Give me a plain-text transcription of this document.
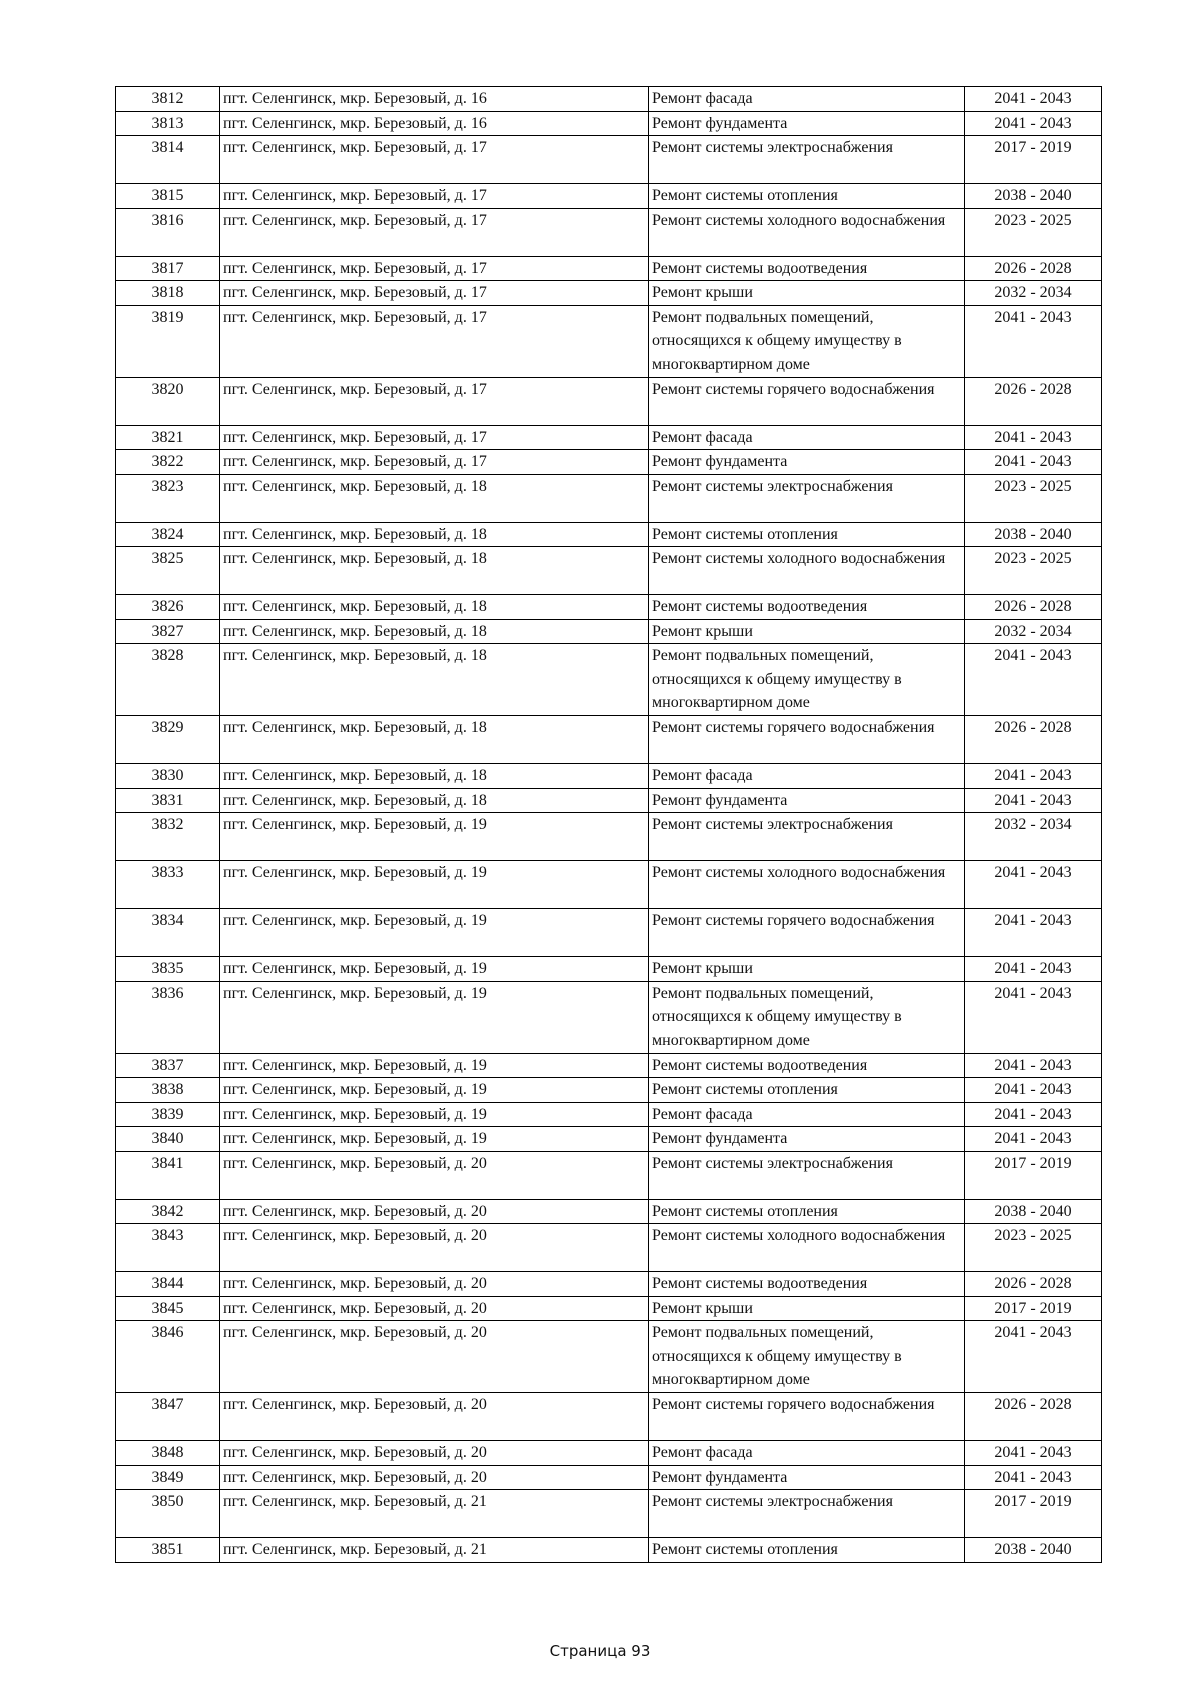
3812	пгт. Селенгинск, мкр. Березовый, д. 16	Ремонт фасада	2041 - 2043
3813	пгт. Селенгинск, мкр. Березовый, д. 16	Ремонт фундамента	2041 - 2043
3814	пгт. Селенгинск, мкр. Березовый, д. 17	Ремонт системы электроснабжения	2017 - 2019
3815	пгт. Селенгинск, мкр. Березовый, д. 17	Ремонт системы отопления	2038 - 2040
3816	пгт. Селенгинск, мкр. Березовый, д. 17	Ремонт системы холодного водоснабжения	2023 - 2025
3817	пгт. Селенгинск, мкр. Березовый, д. 17	Ремонт системы водоотведения	2026 - 2028
3818	пгт. Селенгинск, мкр. Березовый, д. 17	Ремонт крыши	2032 - 2034
3819	пгт. Селенгинск, мкр. Березовый, д. 17	Ремонт подвальных помещений, относящихся к общему имуществу в многоквартирном доме	2041 - 2043
3820	пгт. Селенгинск, мкр. Березовый, д. 17	Ремонт системы горячего водоснабжения	2026 - 2028
3821	пгт. Селенгинск, мкр. Березовый, д. 17	Ремонт фасада	2041 - 2043
3822	пгт. Селенгинск, мкр. Березовый, д. 17	Ремонт фундамента	2041 - 2043
3823	пгт. Селенгинск, мкр. Березовый, д. 18	Ремонт системы электроснабжения	2023 - 2025
3824	пгт. Селенгинск, мкр. Березовый, д. 18	Ремонт системы отопления	2038 - 2040
3825	пгт. Селенгинск, мкр. Березовый, д. 18	Ремонт системы холодного водоснабжения	2023 - 2025
3826	пгт. Селенгинск, мкр. Березовый, д. 18	Ремонт системы водоотведения	2026 - 2028
3827	пгт. Селенгинск, мкр. Березовый, д. 18	Ремонт крыши	2032 - 2034
3828	пгт. Селенгинск, мкр. Березовый, д. 18	Ремонт подвальных помещений, относящихся к общему имуществу в многоквартирном доме	2041 - 2043
3829	пгт. Селенгинск, мкр. Березовый, д. 18	Ремонт системы горячего водоснабжения	2026 - 2028
3830	пгт. Селенгинск, мкр. Березовый, д. 18	Ремонт фасада	2041 - 2043
3831	пгт. Селенгинск, мкр. Березовый, д. 18	Ремонт фундамента	2041 - 2043
3832	пгт. Селенгинск, мкр. Березовый, д. 19	Ремонт системы электроснабжения	2032 - 2034
3833	пгт. Селенгинск, мкр. Березовый, д. 19	Ремонт системы холодного водоснабжения	2041 - 2043
3834	пгт. Селенгинск, мкр. Березовый, д. 19	Ремонт системы горячего водоснабжения	2041 - 2043
3835	пгт. Селенгинск, мкр. Березовый, д. 19	Ремонт крыши	2041 - 2043
3836	пгт. Селенгинск, мкр. Березовый, д. 19	Ремонт подвальных помещений, относящихся к общему имуществу в многоквартирном доме	2041 - 2043
3837	пгт. Селенгинск, мкр. Березовый, д. 19	Ремонт системы водоотведения	2041 - 2043
3838	пгт. Селенгинск, мкр. Березовый, д. 19	Ремонт системы отопления	2041 - 2043
3839	пгт. Селенгинск, мкр. Березовый, д. 19	Ремонт фасада	2041 - 2043
3840	пгт. Селенгинск, мкр. Березовый, д. 19	Ремонт фундамента	2041 - 2043
3841	пгт. Селенгинск, мкр. Березовый, д. 20	Ремонт системы электроснабжения	2017 - 2019
3842	пгт. Селенгинск, мкр. Березовый, д. 20	Ремонт системы отопления	2038 - 2040
3843	пгт. Селенгинск, мкр. Березовый, д. 20	Ремонт системы холодного водоснабжения	2023 - 2025
3844	пгт. Селенгинск, мкр. Березовый, д. 20	Ремонт системы водоотведения	2026 - 2028
3845	пгт. Селенгинск, мкр. Березовый, д. 20	Ремонт крыши	2017 - 2019
3846	пгт. Селенгинск, мкр. Березовый, д. 20	Ремонт подвальных помещений, относящихся к общему имуществу в многоквартирном доме	2041 - 2043
3847	пгт. Селенгинск, мкр. Березовый, д. 20	Ремонт системы горячего водоснабжения	2026 - 2028
3848	пгт. Селенгинск, мкр. Березовый, д. 20	Ремонт фасада	2041 - 2043
3849	пгт. Селенгинск, мкр. Березовый, д. 20	Ремонт фундамента	2041 - 2043
3850	пгт. Селенгинск, мкр. Березовый, д. 21	Ремонт системы электроснабжения	2017 - 2019
3851	пгт. Селенгинск, мкр. Березовый, д. 21	Ремонт системы отопления	2038 - 2040
Страница 93
